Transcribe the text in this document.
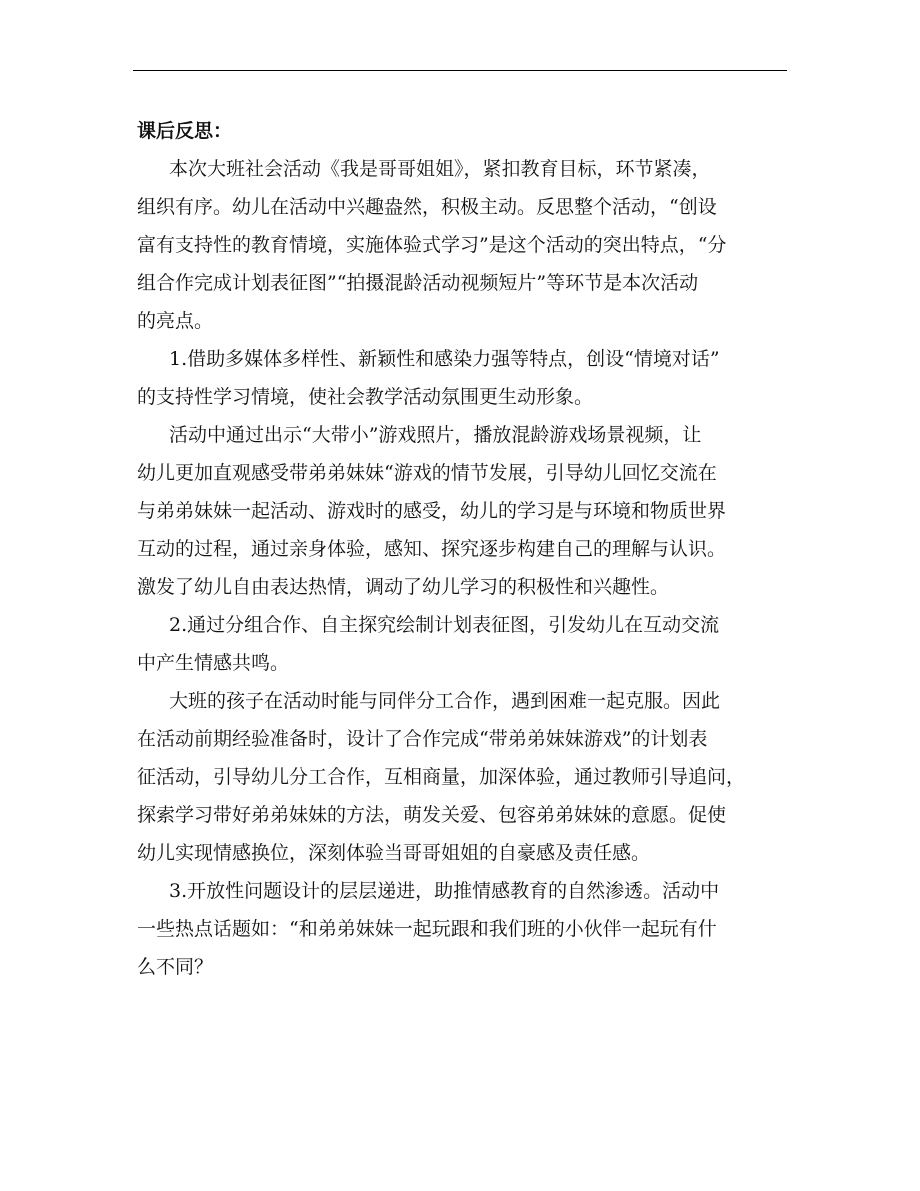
课后反思：

本次大班社会活动《我是哥哥姐姐》，紧扣教育目标，环节紧凑，

组织有序。幼儿在活动中兴趣盎然，积极主动。反思整个活动，“创设

富有支持性的教育情境，实施体验式学习”是这个活动的突出特点，“分

组合作完成计划表征图”“拍摄混龄活动视频短片”等环节是本次活动

的亮点。

1.借助多媒体多样性、新颖性和感染力强等特点，创设“情境对话”

的支持性学习情境，使社会教学活动氛围更生动形象。

活动中通过出示“大带小”游戏照片，播放混龄游戏场景视频，让

幼儿更加直观感受带弟弟妹妹“游戏的情节发展，引导幼儿回忆交流在

与弟弟妹妹一起活动、游戏时的感受，幼儿的学习是与环境和物质世界

互动的过程，通过亲身体验，感知、探究逐步构建自己的理解与认识。

激发了幼儿自由表达热情，调动了幼儿学习的积极性和兴趣性。

2.通过分组合作、自主探究绘制计划表征图，引发幼儿在互动交流

中产生情感共鸣。

大班的孩子在活动时能与同伴分工合作，遇到困难一起克服。因此

在活动前期经验准备时，设计了合作完成“带弟弟妹妹游戏”的计划表

征活动，引导幼儿分工合作，互相商量，加深体验，通过教师引导追问，

探索学习带好弟弟妹妹的方法，萌发关爱、包容弟弟妹妹的意愿。促使

幼儿实现情感换位，深刻体验当哥哥姐姐的自豪感及责任感。

3.开放性问题设计的层层递进，助推情感教育的自然渗透。活动中

一些热点话题如：“和弟弟妹妹一起玩跟和我们班的小伙伴一起玩有什

么不同？
